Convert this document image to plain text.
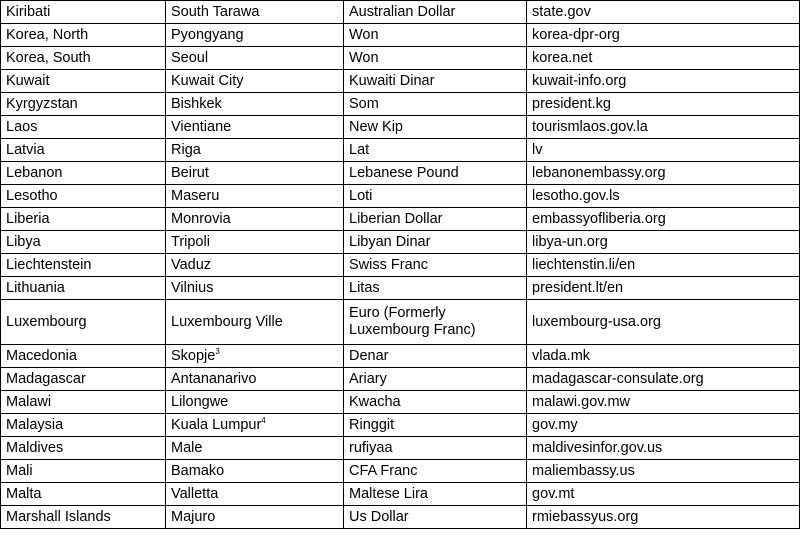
Kiribati	South Tarawa	Australian Dollar	state.gov
Korea, North	Pyongyang	Won	korea-dpr-org
Korea, South	Seoul	Won	korea.net
Kuwait	Kuwait City	Kuwaiti Dinar	kuwait-info.org
Kyrgyzstan	Bishkek	Som	president.kg
Laos	Vientiane	New Kip	tourismlaos.gov.la
Latvia	Riga	Lat	lv
Lebanon	Beirut	Lebanese Pound	lebanonembassy.org
Lesotho	Maseru	Loti	lesotho.gov.ls
Liberia	Monrovia	Liberian Dollar	embassyofliberia.org
Libya	Tripoli	Libyan Dinar	libya-un.org
Liechtenstein	Vaduz	Swiss Franc	liechtenstin.li/en
Lithuania	Vilnius	Litas	president.lt/en
Luxembourg	Luxembourg Ville	Euro (Formerly Luxembourg Franc)	luxembourg-usa.org
Macedonia	Skopje$^3$	Denar	vlada.mk
Madagascar	Antananarivo	Ariary	madagascar-consulate.org
Malawi	Lilongwe	Kwacha	malawi.gov.mw
Malaysia	Kuala Lumpur$^4$	Ringgit	gov.my
Maldives	Male	rufiyaa	maldivesinfor.gov.us
Mali	Bamako	CFA Franc	maliembassy.us
Malta	Valletta	Maltese Lira	gov.mt
Marshall Islands	Majuro	Us Dollar	rmiebassyus.org
